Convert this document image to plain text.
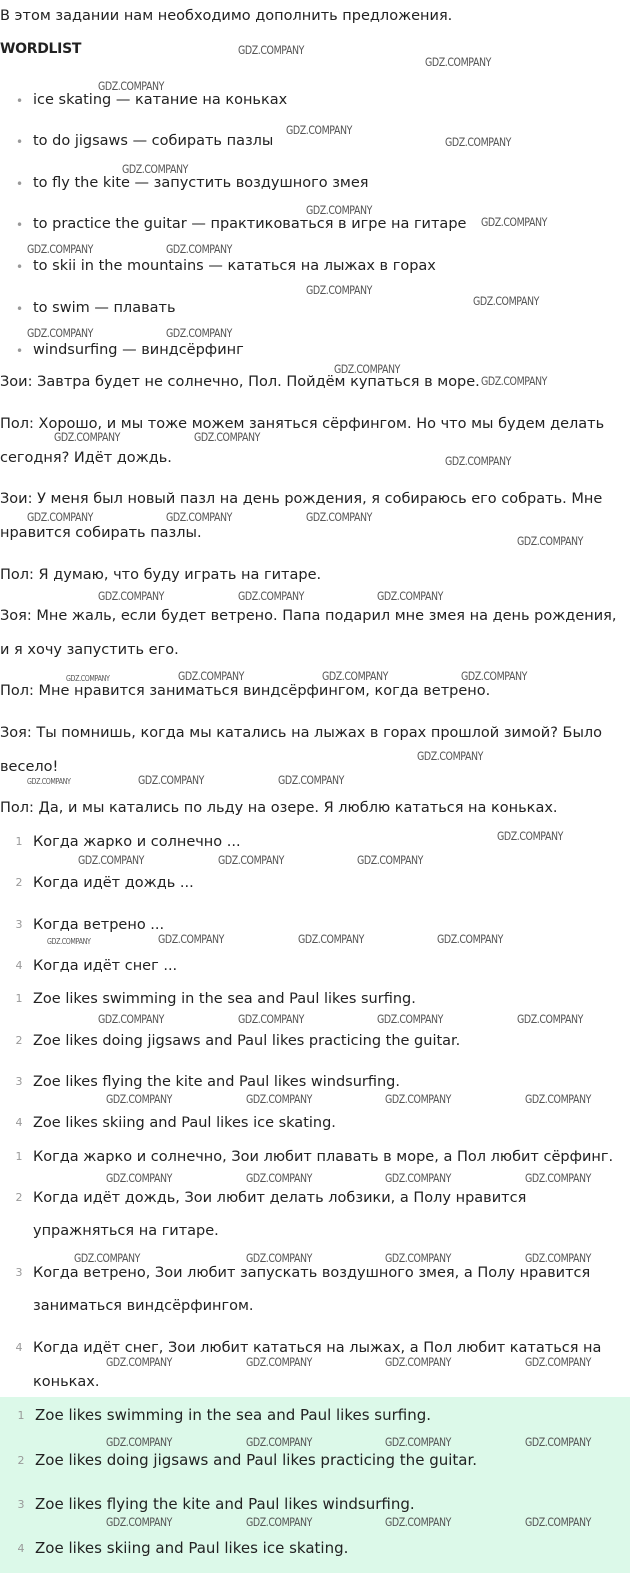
В этом задании нам необходимо дополнить предложения.
WORDLIST
• ice skating — катание на коньках
• to do jigsaws — собирать пазлы
• to fly the kite — запустить воздушного змея
• to practice the guitar — практиковаться в игре на гитаре
• to skii in the mountains — кататься на лыжах в горах
• to swim — плавать
• windsurfing — виндсёрфинг
Зои: Завтра будет не солнечно, Пол. Пойдём купаться в море.
Пол: Хорошо, и мы тоже можем заняться сёрфингом. Но что мы будем делать
сегодня? Идёт дождь.
Зои: У меня был новый пазл на день рождения, я собираюсь его собрать. Мне
нравится собирать пазлы.
Пол: Я думаю, что буду играть на гитаре.
Зоя: Мне жаль, если будет ветрено. Папа подарил мне змея на день рождения,
и я хочу запустить его.
Пол: Мне нравится заниматься виндсёрфингом, когда ветрено.
Зоя: Ты помнишь, когда мы катались на лыжах в горах прошлой зимой? Было
весело!
Пол: Да, и мы катались по льду на озере. Я люблю кататься на коньках.
1 Когда жарко и солнечно ...
2 Когда идёт дождь ...
3 Когда ветрено ...
4 Когда идёт снег ...
1 Zoe likes swimming in the sea and Paul likes surfing.
2 Zoe likes doing jigsaws and Paul likes practicing the guitar.
3 Zoe likes flying the kite and Paul likes windsurfing.
4 Zoe likes skiing and Paul likes ice skating.
1 Когда жарко и солнечно, Зои любит плавать в море, а Пол любит сёрфинг.
2 Когда идёт дождь, Зои любит делать лобзики, а Полу нравится
упражняться на гитаре.
3 Когда ветрено, Зои любит запускать воздушного змея, а Полу нравится
заниматься виндсёрфингом.
4 Когда идёт снег, Зои любит кататься на лыжах, а Пол любит кататься на
коньках.
1 Zoe likes swimming in the sea and Paul likes surfing.
2 Zoe likes doing jigsaws and Paul likes practicing the guitar.
3 Zoe likes flying the kite and Paul likes windsurfing.
4 Zoe likes skiing and Paul likes ice skating.
GDZ.COMPANY
GDZ.COMPANY
GDZ.COMPANY
GDZ.COMPANY
GDZ.COMPANY
GDZ.COMPANY
GDZ.COMPANY
GDZ.COMPANY
GDZ.COMPANY	GDZ.COMPANY
GDZ.COMPANY
GDZ.COMPANY
GDZ.COMPANY	GDZ.COMPANY
GDZ.COMPANY
GDZ.COMPANY
GDZ.COMPANY	GDZ.COMPANY
GDZ.COMPANY
GDZ.COMPANY	GDZ.COMPANY	GDZ.COMPANY
GDZ.COMPANY
GDZ.COMPANY	GDZ.COMPANY	GDZ.COMPANY
GDZ.COMPANY	GDZ.COMPANY	GDZ.COMPANY	GDZ.COMPANY
GDZ.COMPANY
GDZ.COMPANY	GDZ.COMPANY	GDZ.COMPANY
GDZ.COMPANY
GDZ.COMPANY	GDZ.COMPANY	GDZ.COMPANY
GDZ.COMPANY	GDZ.COMPANY	GDZ.COMPANY	GDZ.COMPANY
GDZ.COMPANY	GDZ.COMPANY	GDZ.COMPANY	GDZ.COMPANY
GDZ.COMPANY	GDZ.COMPANY	GDZ.COMPANY	GDZ.COMPANY
GDZ.COMPANY	GDZ.COMPANY	GDZ.COMPANY	GDZ.COMPANY
GDZ.COMPANY	GDZ.COMPANY	GDZ.COMPANY	GDZ.COMPANY
GDZ.COMPANY	GDZ.COMPANY	GDZ.COMPANY	GDZ.COMPANY
GDZ.COMPANY	GDZ.COMPANY	GDZ.COMPANY	GDZ.COMPANY
GDZ.COMPANY	GDZ.COMPANY	GDZ.COMPANY	GDZ.COMPANY
